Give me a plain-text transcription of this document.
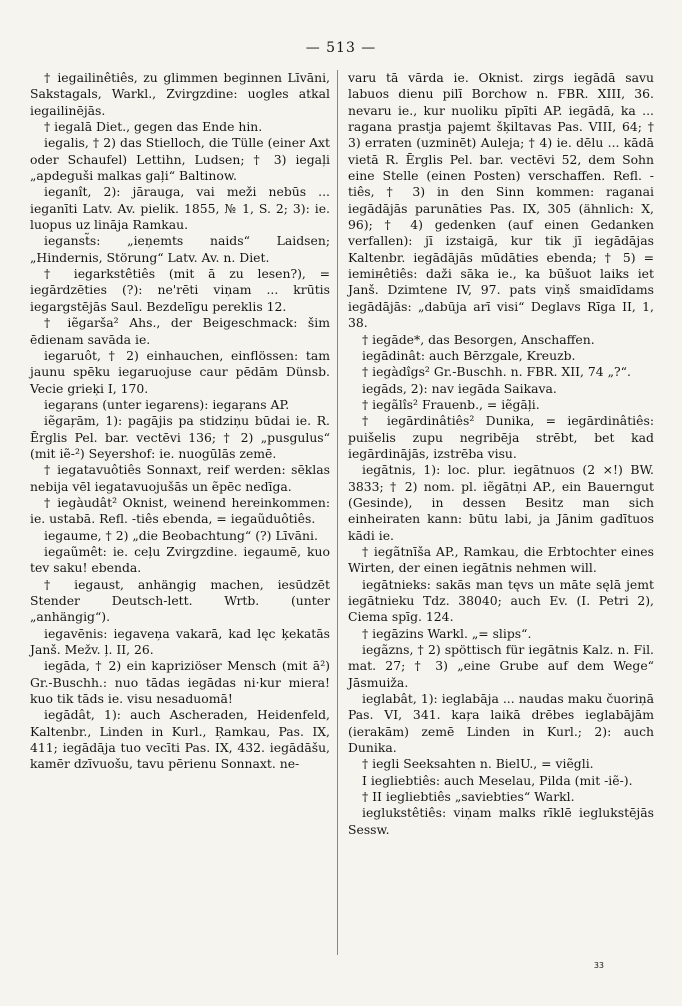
— 513 —

† iegailinêtiês, zu glimmen beginnen Līvāni, Sakstagals, Warkl., Zvirgzdine: uogles atkal iegailinējās.

† iegalā Diet., gegen das Ende hin.

iegalis, † 2) das Stielloch, die Tülle (einer Axt oder Schaufel) Lettihn, Ludsen; † 3) iegaļi „apdeguši malkas gaļi“ Baltinow.

ieganît, 2): jārauga, vai meži nebūs ... ieganīti Latv. Av. pielik. 1855, № 1, S. 2; 3): ie. luopus uz lināja Ramkau.

ieganst̃s: „ieņemts naids“ Laidsen; „Hindernis, Störung“ Latv. Av. n. Diet.

† iegarkstêtiês (mit ā zu lesen?), = iegārdzēties (?): ne'rēti viņam ... krūtis iegargstējās Saul. Bezdelīgu pereklis 12.

† iẽgarša² Ahs., der Beigeschmack: šim ēdienam savāda ie.

iegaruôt, † 2) einhauchen, einflössen: tam jaunu spēku iegaruojuse caur pēdām Dünsb. Vecie grieķi I, 170.

iegaŗans (unter iegarens): iegaŗans AP.

iẽgaŗām, 1): pagājis pa stidziņu būdai ie. R. Ērglis Pel. bar. vectēvi 136; † 2) „pusgulus“ (mit iẽ-²) Seyershof: ie. nuogūlās zemē.

† iegatavuôtiês Sonnaxt, reif werden: sēklas nebija vēl iegatavuojušās un ẽpēc nedīga.

† iegàudât² Oknist, weinend hereinkommen: ie. ustabā. Refl. -tiês ebenda, = iegaũduôtiês.

iegaume, † 2) „die Beobachtung“ (?) Līvāni.

iegaũmêt: ie. ceļu Zvirgzdine. iegaumē, kuo tev saku! ebenda.

† iegaust, anhängig machen, iesūdzēt Stender Deutsch-lett. Wrtb. (unter „anhängig“).

iegavēnis: iegaveņa vakarā, kad lęc ķekatās Janš. Mežv. ļ. II, 26.

iegāda, † 2) ein kapriziöser Mensch (mit ā²) Gr.-Buschh.: nuo tādas iegādas ni·kur miera! kuo tik tāds ie. visu nesaduomā!

iegādât, 1): auch Ascheraden, Heidenfeld, Kaltenbr., Linden in Kurl., Ŗamkau, Pas. IX, 411; iegādāja tuo vecīti Pas. IX, 432. iegādāšu, kamēr dzīvuošu, tavu pērienu Sonnaxt. ne-

varu tā vārda ie. Oknist. zirgs iegādā savu labuos dienu pilī Borchow n. FBR. XIII, 36. nevaru ie., kur nuoliku pīpīti AP. iegādā, ka ... ragana prastja pajemt šķiltavas Pas. VIII, 64; † 3) erraten (uzminēt) Auleja; † 4) ie. dēlu ... kādā vietā R. Ērglis Pel. bar. vectēvi 52, dem Sohn eine Stelle (einen Posten) verschaffen. Refl. -tiês, † 3) in den Sinn kommen: raganai iegādājās parunāties Pas. IX, 305 (ähnlich: X, 96); † 4) gedenken (auf einen Gedanken verfallen): jī izstaigā, kur tik jī iegādājas Kaltenbr. iegādājās mūdāties ebenda; † 5) = iemінêtiês: daži sāka ie., ka būšuot laiks iet Janš. Dzimtene IV, 97. pats viņš smaidīdams iegādājās: „dabūja arī visi“ Deglavs Rīga II, 1, 38.

† iegāde*, das Besorgen, Anschaffen.

iegādinât: auch Bērzgale, Kreuzb.

† iegàdîgs² Gr.-Buschh. n. FBR. XII, 74 „?“.

iegāds, 2): nav iegāda Saikava.

† iegãlîs² Frauenb., = iẽgāļi.

† iegārdinâtiês² Dunika, = iegārdinâtiês: puišelis zupu negribēja strēbt, bet kad iegārdinājās, izstrēba visu.

iegātnis, 1): loc. plur. iegātnuos (2 ×!) BW. 3833; † 2) nom. pl. iẽgātņi AP., ein Bauerngut (Gesinde), in dessen Besitz man sich einheiraten kann: būtu labi, ja Jānim gadītuos kādi ie.

† iegãtnīša AP., Ramkau, die Erbtochter eines Wirten, der einen iegātnis nehmen will.

iegātnieks: sakās man tęvs un māte sęlā jemt iegātnieku Tdz. 38040; auch Ev. (I. Petri 2), Ciema spīg. 124.

† iegāzins Warkl. „= slips“.

iegãzns, † 2) spöttisch für iegātnis Kalz. n. Fil. mat. 27; † 3) „eine Grube auf dem Wege“ Jāsmuiža.

ieglabât, 1): ieglabāja ... naudas maku čuoriņā Pas. VI, 341. kaŗa laikā drēbes ieglabājām (ierakām) zemē Linden in Kurl.; 2): auch Dunika.

† iegli Seeksahten n. BielU., = viẽgli.

I iegliebtiês: auch Meselau, Pilda (mit -iẽ-).

† II iegliebtiês „saviebties“ Warkl.

ieglukstêtiês: viņam malks rīklē ieglukstējās Sessw.

33
